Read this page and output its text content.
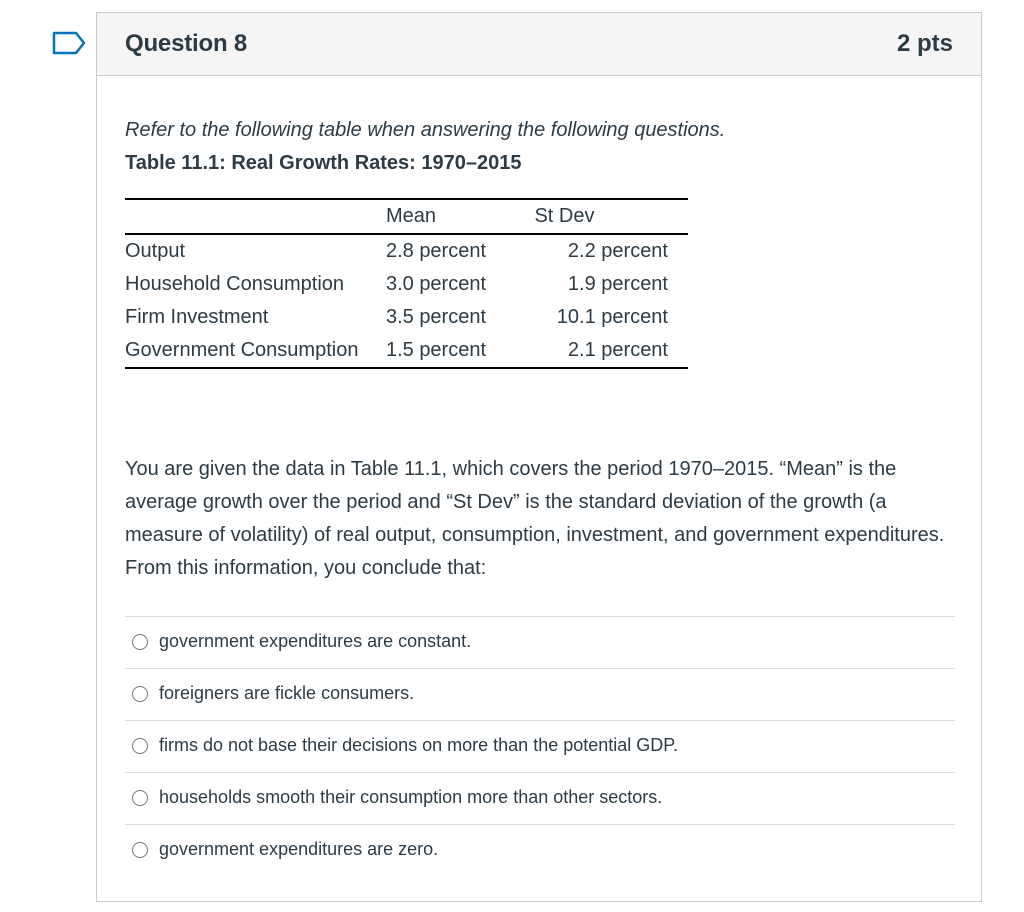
Question 8	2 pts
Refer to the following table when answering the following questions.
Table 11.1: Real Growth Rates: 1970–2015
	Mean	St Dev
Output	2.8 percent	2.2 percent
Household Consumption	3.0 percent	1.9 percent
Firm Investment	3.5 percent	10.1 percent
Government Consumption	1.5 percent	2.1 percent
You are given the data in Table 11.1, which covers the period 1970–2015. “Mean” is the average growth over the period and “St Dev” is the standard deviation of the growth (a measure of volatility) of real output, consumption, investment, and government expenditures. From this information, you conclude that:
government expenditures are constant.
foreigners are fickle consumers.
firms do not base their decisions on more than the potential GDP.
households smooth their consumption more than other sectors.
government expenditures are zero.
